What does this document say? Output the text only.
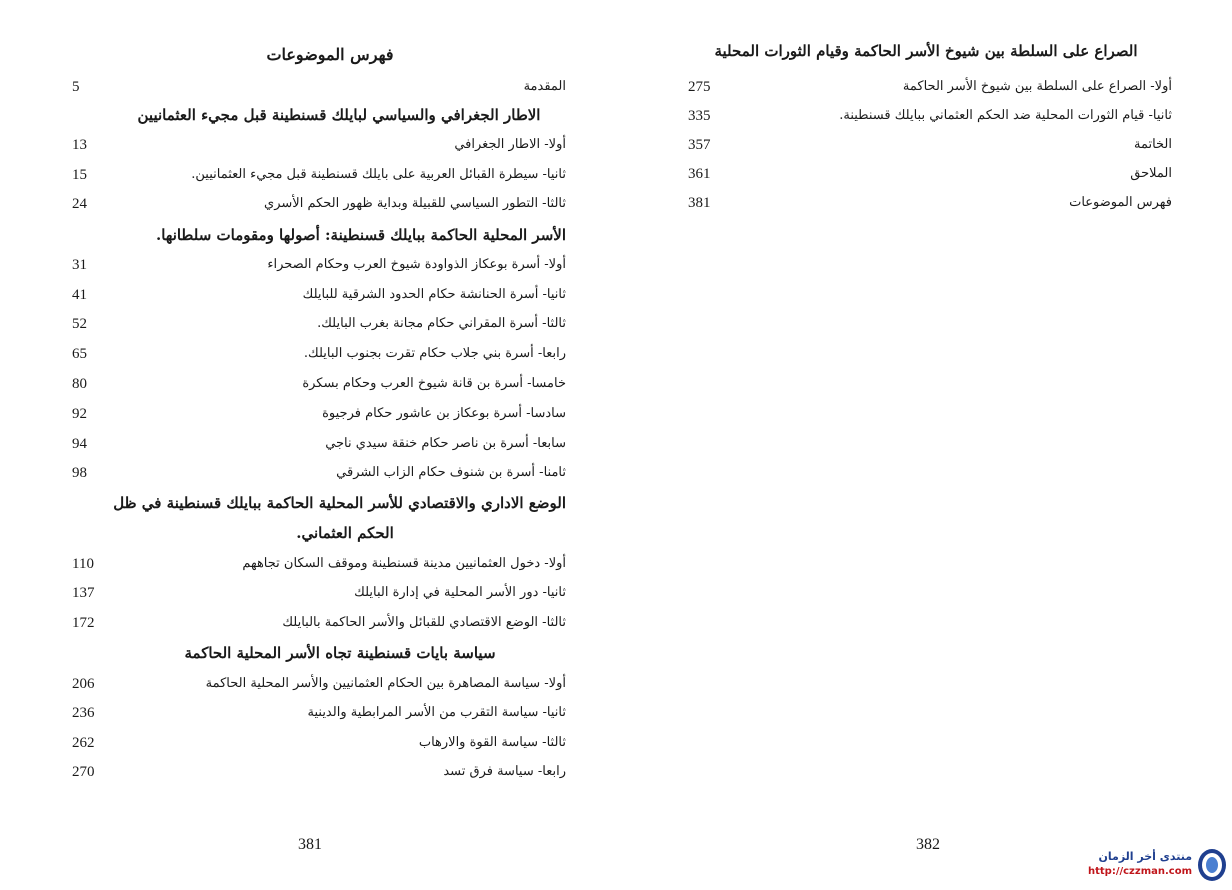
فهرس الموضوعات
المقدمة
5
الاطار الجغرافي والسياسي لبايلك قسنطينة قبل مجيء العثمانيين
أولا- الاطار الجغرافي
13
ثانيا- سيطرة القبائل العربية على بايلك قسنطينة قبل مجيء العثمانيين.
15
ثالثا- التطور السياسي للقبيلة وبداية ظهور الحكم الأسري
24
الأسر المحلية الحاكمة ببايلك قسنطينة: أصولها ومقومات سلطانها.
أولا- أسرة بوعكاز الذواودة شيوخ العرب وحكام الصحراء
31
ثانيا- أسرة الحنانشة حكام الحدود الشرقية للبايلك
41
ثالثا- أسرة المقراني حكام مجانة بغرب البايلك.
52
رابعا- أسرة بني جلاب حكام تقرت بجنوب البايلك.
65
خامسا- أسرة بن قانة شيوخ العرب وحكام بسكرة
80
سادسا- أسرة بوعكاز بن عاشور حكام فرجيوة
92
سابعا- أسرة بن ناصر حكام خنقة سيدي ناجي
94
ثامنا- أسرة بن شنوف حكام الزاب الشرقي
98
الوضع الاداري والاقتصادي للأسر المحلية الحاكمة ببايلك قسنطينة في ظل
الحكم العثماني.
أولا- دخول العثمانيين مدينة قسنطينة وموقف السكان تجاههم
110
ثانيا- دور الأسر المحلية في إدارة البايلك
137
ثالثا- الوضع الاقتصادي للقبائل والأسر الحاكمة بالبايلك
172
سياسة بايات قسنطينة تجاه الأسر المحلية الحاكمة
أولا- سياسة المصاهرة بين الحكام العثمانيين والأسر المحلية الحاكمة
206
ثانيا- سياسة التقرب من الأسر المرابطية والدينية
236
ثالثا- سياسة القوة والارهاب
262
رابعا- سياسة فرق تسد
270
381
الصراع على السلطة بين شيوخ الأسر الحاكمة وقيام الثورات المحلية
أولا- الصراع على السلطة بين شيوخ الأسر الحاكمة
275
ثانيا- قيام الثورات المحلية ضد الحكم العثماني ببايلك قسنطينة.
335
الخاتمة
357
الملاحق
361
فهرس الموضوعات
381
382
منتدى أخر الزمان
http://czzman.com
